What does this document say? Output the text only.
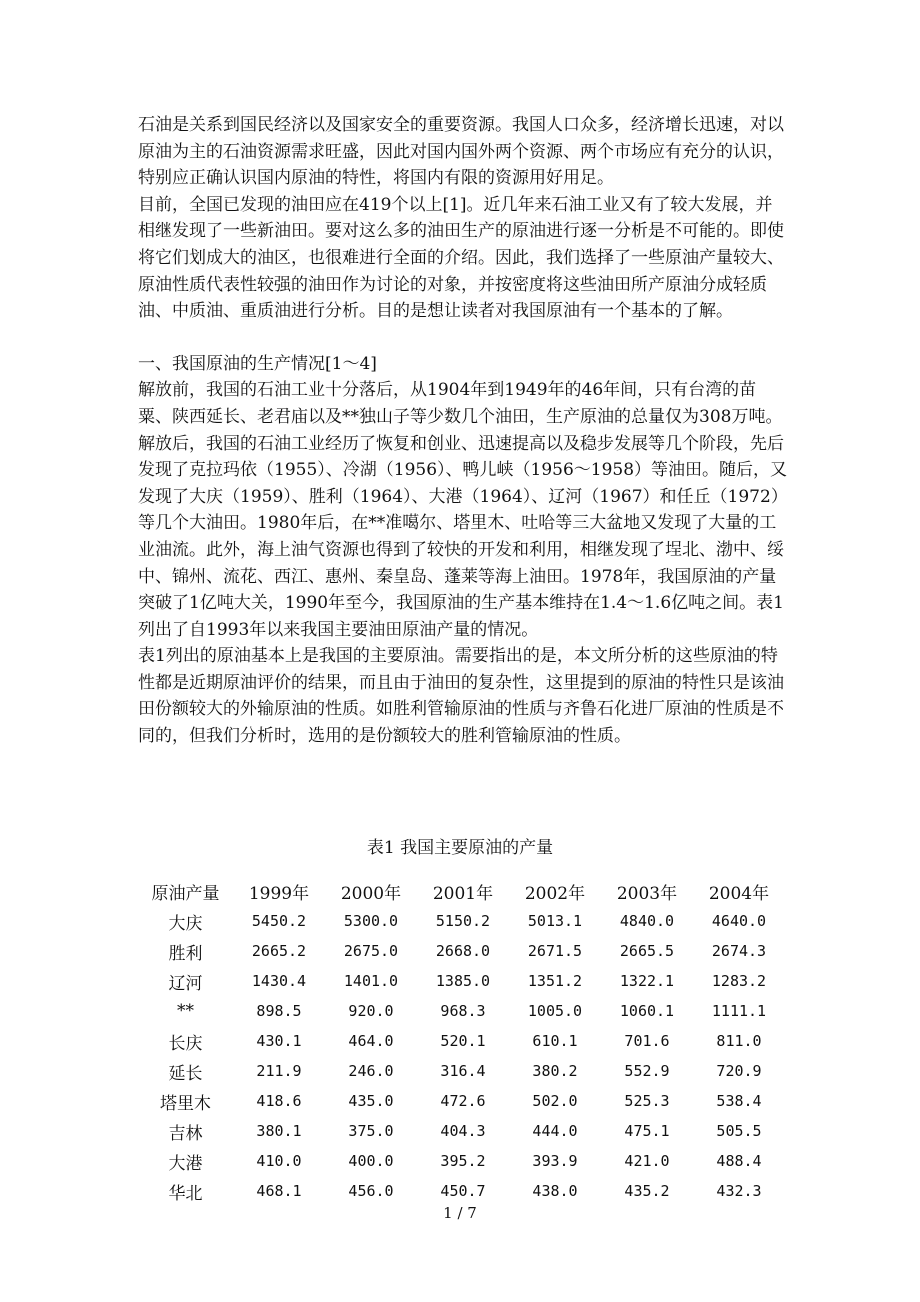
石油是关系到国民经济以及国家安全的重要资源。我国人口众多，经济增长迅速，对以原油为主的石油资源需求旺盛，因此对国内国外两个资源、两个市场应有充分的认识，特别应正确认识国内原油的特性，将国内有限的资源用好用足。

目前，全国已发现的油田应在419个以上[1]。近几年来石油工业又有了较大发展，并相继发现了一些新油田。要对这么多的油田生产的原油进行逐一分析是不可能的。即使将它们划成大的油区，也很难进行全面的介绍。因此，我们选择了一些原油产量较大、原油性质代表性较强的油田作为讨论的对象，并按密度将这些油田所产原油分成轻质油、中质油、重质油进行分析。目的是想让读者对我国原油有一个基本的了解。

一、我国原油的生产情况[1～4]

解放前，我国的石油工业十分落后，从1904年到1949年的46年间，只有台湾的苗粟、陕西延长、老君庙以及**独山子等少数几个油田，生产原油的总量仅为308万吨。解放后，我国的石油工业经历了恢复和创业、迅速提高以及稳步发展等几个阶段，先后发现了克拉玛依（1955）、冷湖（1956）、鸭儿峡（1956～1958）等油田。随后，又发现了大庆（1959）、胜利（1964）、大港（1964）、辽河（1967）和任丘（1972）等几个大油田。1980年后，在**准噶尔、塔里木、吐哈等三大盆地又发现了大量的工业油流。此外，海上油气资源也得到了较快的开发和利用，相继发现了埕北、渤中、绥中、锦州、流花、西江、惠州、秦皇岛、蓬莱等海上油田。1978年，我国原油的产量突破了1亿吨大关，1990年至今，我国原油的生产基本维持在1.4～1.6亿吨之间。表1列出了自1993年以来我国主要油田原油产量的情况。

表1列出的原油基本上是我国的主要原油。需要指出的是，本文所分析的这些原油的特性都是近期原油评价的结果，而且由于油田的复杂性，这里提到的原油的特性只是该油田份额较大的外输原油的性质。如胜利管输原油的性质与齐鲁石化进厂原油的性质是不同的，但我们分析时，选用的是份额较大的胜利管输原油的性质。

表1 我国主要原油的产量
原油产量	1999年	2000年	2001年	2002年	2003年	2004年
大庆	5450.2	5300.0	5150.2	5013.1	4840.0	4640.0
胜利	2665.2	2675.0	2668.0	2671.5	2665.5	2674.3
辽河	1430.4	1401.0	1385.0	1351.2	1322.1	1283.2
**	898.5	920.0	968.3	1005.0	1060.1	1111.1
长庆	430.1	464.0	520.1	610.1	701.6	811.0
延长	211.9	246.0	316.4	380.2	552.9	720.9
塔里木	418.6	435.0	472.6	502.0	525.3	538.4
吉林	380.1	375.0	404.3	444.0	475.1	505.5
大港	410.0	400.0	395.2	393.9	421.0	488.4
华北	468.1	456.0	450.7	438.0	435.2	432.3
1 / 7
